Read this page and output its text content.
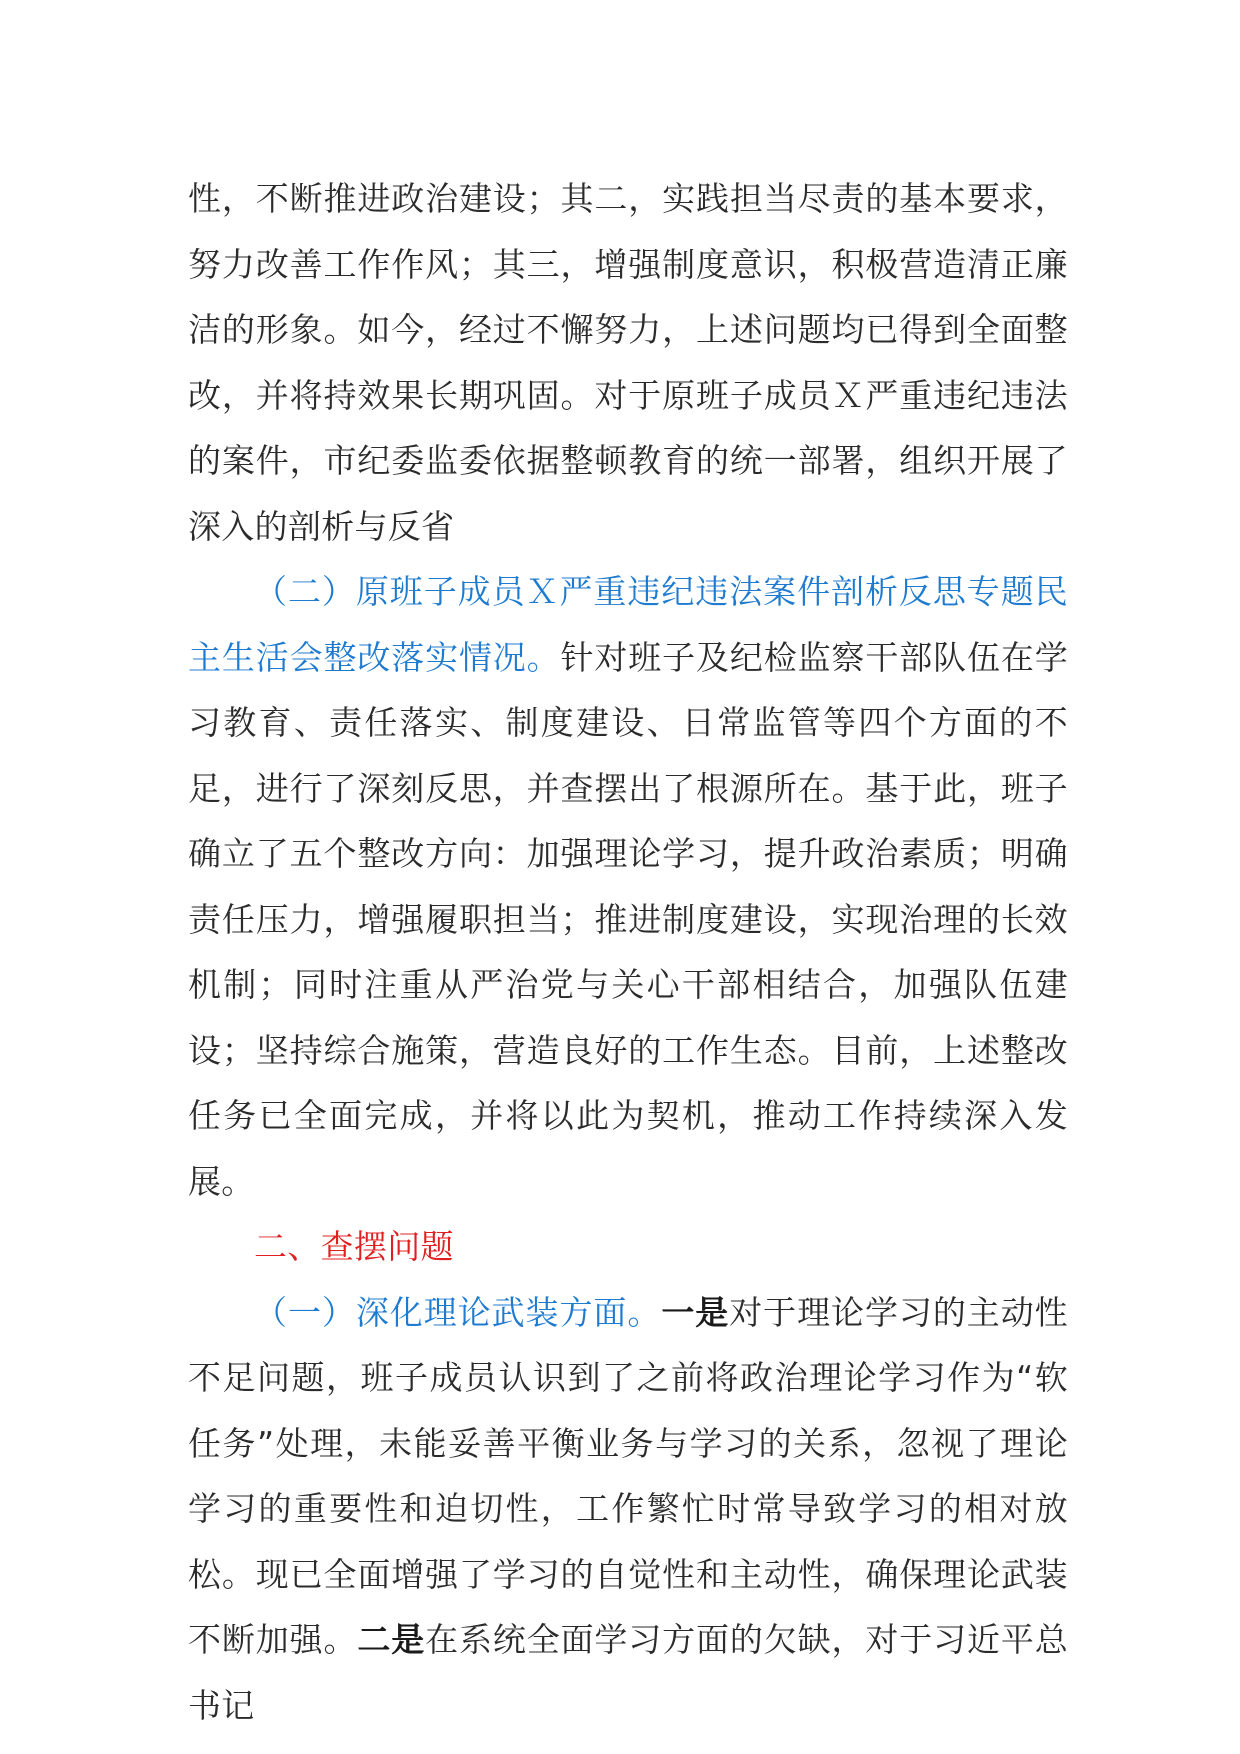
性，不断推进政治建设；其二，实践担当尽责的基本要求，努力改善工作作风；其三，增强制度意识，积极营造清正廉洁的形象。如今，经过不懈努力，上述问题均已得到全面整改，并将持效果长期巩固。对于原班子成员Ｘ严重违纪违法的案件，市纪委监委依据整顿教育的统一部署，组织开展了深入的剖析与反省

（二）原班子成员Ｘ严重违纪违法案件剖析反思专题民主生活会整改落实情况。针对班子及纪检监察干部队伍在学习教育、责任落实、制度建设、日常监管等四个方面的不足，进行了深刻反思，并查摆出了根源所在。基于此，班子确立了五个整改方向：加强理论学习，提升政治素质；明确责任压力，增强履职担当；推进制度建设，实现治理的长效机制；同时注重从严治党与关心干部相结合，加强队伍建设；坚持综合施策，营造良好的工作生态。目前，上述整改任务已全面完成，并将以此为契机，推动工作持续深入发展。

二、查摆问题

（一）深化理论武装方面。一是对于理论学习的主动性不足问题，班子成员认识到了之前将政治理论学习作为“软任务”处理，未能妥善平衡业务与学习的关系，忽视了理论学习的重要性和迫切性，工作繁忙时常导致学习的相对放松。现已全面增强了学习的自觉性和主动性，确保理论武装不断加强。二是在系统全面学习方面的欠缺，对于习近平总书记
